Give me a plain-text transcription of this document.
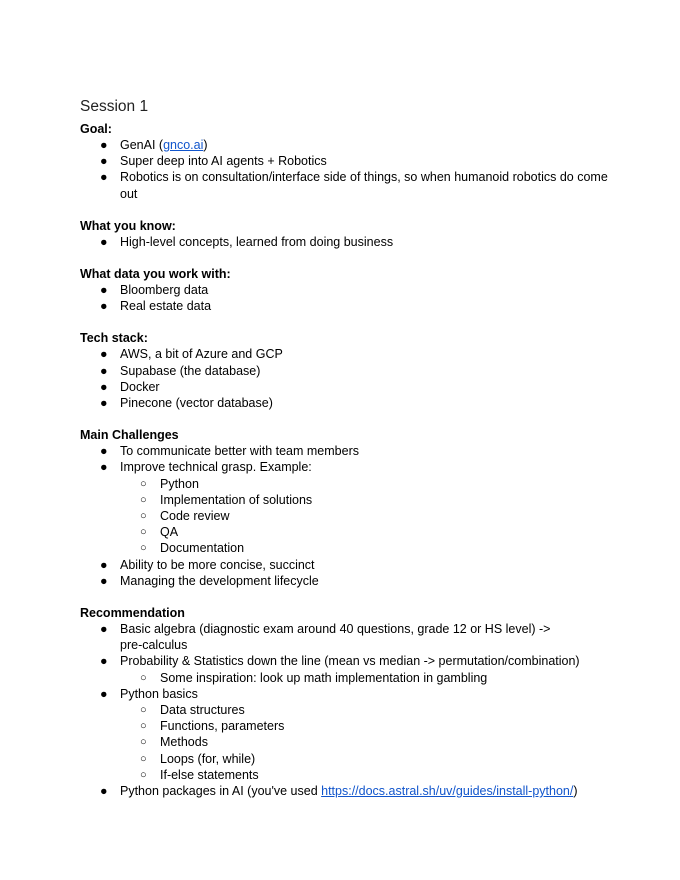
Session 1

Goal:

● GenAI (gnco.ai)
● Super deep into AI agents + Robotics
● Robotics is on consultation/interface side of things, so when humanoid robotics do come
out

What you know:

● High-level concepts, learned from doing business

What data you work with:

● Bloomberg data
● Real estate data

Tech stack:

● AWS, a bit of Azure and GCP
● Supabase (the database)
● Docker
● Pinecone (vector database)

Main Challenges

● To communicate better with team members
● Improve technical grasp. Example:
○ Python
○ Implementation of solutions
○ Code review
○ QA
○ Documentation
● Ability to be more concise, succinct
● Managing the development lifecycle

Recommendation

● Basic algebra (diagnostic exam around 40 questions, grade 12 or HS level) ->
pre-calculus
● Probability & Statistics down the line (mean vs median -> permutation/combination)
○ Some inspiration: look up math implementation in gambling
● Python basics
○ Data structures
○ Functions, parameters
○ Methods
○ Loops (for, while)
○ If-else statements
● Python packages in AI (you've used https://docs.astral.sh/uv/guides/install-python/)
